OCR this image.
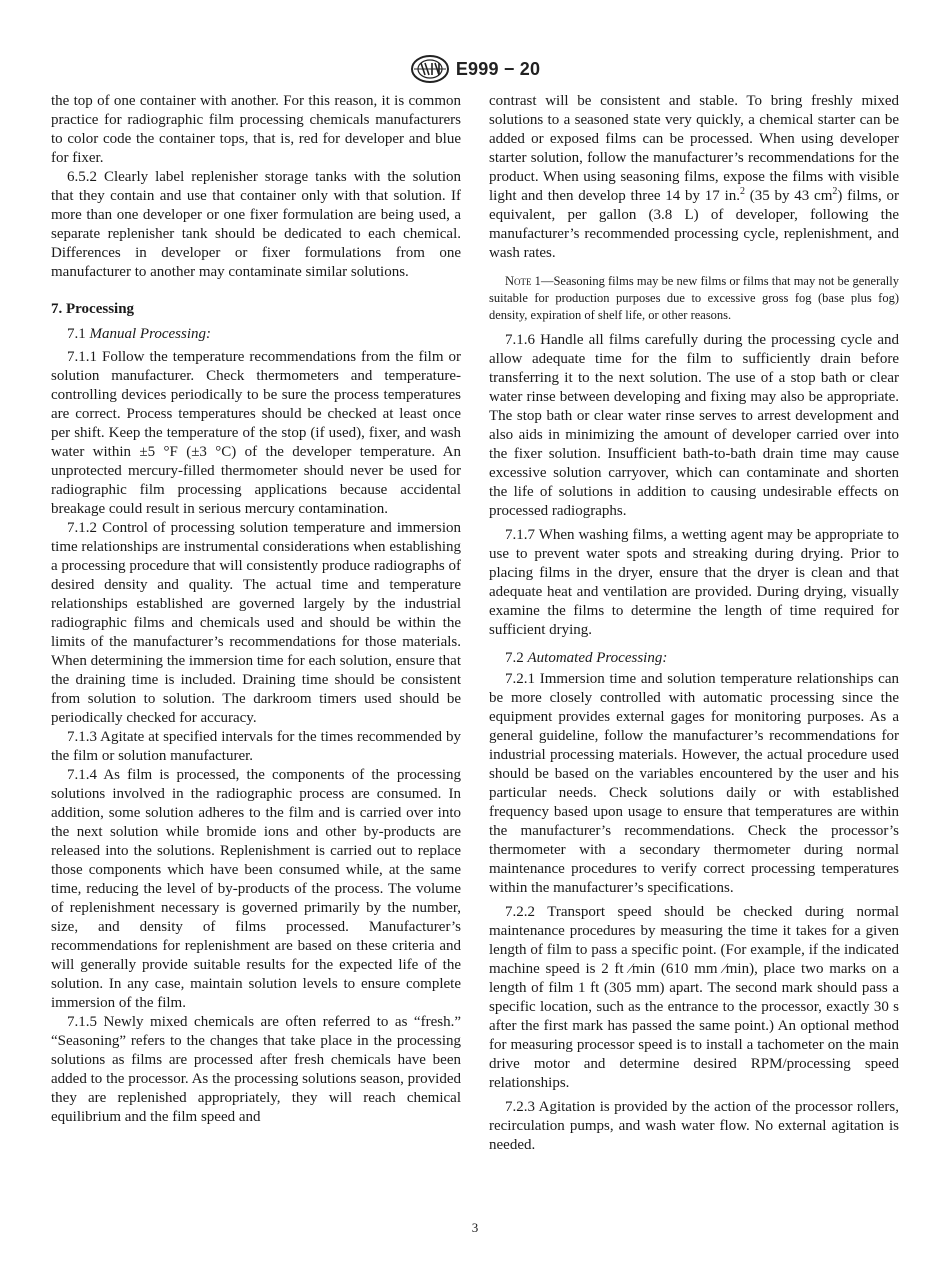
E999 − 20

the top of one container with another. For this reason, it is common practice for radiographic film processing chemicals manufacturers to color code the container tops, that is, red for developer and blue for fixer.

6.5.2 Clearly label replenisher storage tanks with the solution that they contain and use that container only with that solution. If more than one developer or one fixer formulation are being used, a separate replenisher tank should be dedicated to each chemical. Differences in developer or fixer formulations from one manufacturer to another may contaminate similar solutions.

7. Processing

7.1 Manual Processing:

7.1.1 Follow the temperature recommendations from the film or solution manufacturer. Check thermometers and temperature-controlling devices periodically to be sure the process temperatures are correct. Process temperatures should be checked at least once per shift. Keep the temperature of the stop (if used), fixer, and wash water within ±5 °F (±3 °C) of the developer temperature. An unprotected mercury-filled thermometer should never be used for radiographic film processing applications because accidental breakage could result in serious mercury contamination.

7.1.2 Control of processing solution temperature and immersion time relationships are instrumental considerations when establishing a processing procedure that will consistently produce radiographs of desired density and quality. The actual time and temperature relationships established are governed largely by the industrial radiographic films and chemicals used and should be within the limits of the manufacturer’s recommendations for those materials. When determining the immersion time for each solution, ensure that the draining time is included. Draining time should be consistent from solution to solution. The darkroom timers used should be periodically checked for accuracy.

7.1.3 Agitate at specified intervals for the times recommended by the film or solution manufacturer.

7.1.4 As film is processed, the components of the processing solutions involved in the radiographic process are consumed. In addition, some solution adheres to the film and is carried over into the next solution while bromide ions and other by-products are released into the solutions. Replenishment is carried out to replace those components which have been consumed while, at the same time, reducing the level of by-products of the process. The volume of replenishment necessary is governed primarily by the number, size, and density of films processed. Manufacturer’s recommendations for replenishment are based on these criteria and will generally provide suitable results for the expected life of the solution. In any case, maintain solution levels to ensure complete immersion of the film.

7.1.5 Newly mixed chemicals are often referred to as “fresh.” “Seasoning” refers to the changes that take place in the processing solutions as films are processed after fresh chemicals have been added to the processor. As the processing solutions season, provided they are replenished appropriately, they will reach chemical equilibrium and the film speed and

contrast will be consistent and stable. To bring freshly mixed solutions to a seasoned state very quickly, a chemical starter can be added or exposed films can be processed. When using developer starter solution, follow the manufacturer’s recommendations for the product. When using seasoning films, expose the films with visible light and then develop three 14 by 17 in.$^2$ (35 by 43 $cm^2$) films, or equivalent, per gallon (3.8 L) of developer, following the manufacturer’s recommended processing cycle, replenishment, and wash rates.

Note 1—Seasoning films may be new films or films that may not be generally suitable for production purposes due to excessive gross fog (base plus fog) density, expiration of shelf life, or other reasons.

7.1.6 Handle all films carefully during the processing cycle and allow adequate time for the film to sufficiently drain before transferring it to the next solution. The use of a stop bath or clear water rinse between developing and fixing may also be appropriate. The stop bath or clear water rinse serves to arrest development and also aids in minimizing the amount of developer carried over into the fixer solution. Insufficient bath-to-bath drain time may cause excessive solution carryover, which can contaminate and shorten the life of solutions in addition to causing undesirable effects on processed radiographs.

7.1.7 When washing films, a wetting agent may be appropriate to use to prevent water spots and streaking during drying. Prior to placing films in the dryer, ensure that the dryer is clean and that adequate heat and ventilation are provided. During drying, visually examine the films to determine the length of time required for sufficient drying.

7.2 Automated Processing:

7.2.1 Immersion time and solution temperature relationships can be more closely controlled with automatic processing since the equipment provides external gages for monitoring purposes. As a general guideline, follow the manufacturer’s recommendations for industrial processing materials. However, the actual procedure used should be based on the variables encountered by the user and his particular needs. Check solutions daily or with established frequency based upon usage to ensure that temperatures are within the manufacturer’s recommendations. Check the processor’s thermometer with a secondary thermometer during normal maintenance procedures to verify correct processing temperatures within the manufacturer’s specifications.

7.2.2 Transport speed should be checked during normal maintenance procedures by measuring the time it takes for a given length of film to pass a specific point. (For example, if the indicated machine speed is 2 ft ⁄min (610 mm ⁄min), place two marks on a length of film 1 ft (305 mm) apart. The second mark should pass a specific location, such as the entrance to the processor, exactly 30 s after the first mark has passed the same point.) An optional method for measuring processor speed is to install a tachometer on the main drive motor and determine desired RPM/processing speed relationships.

7.2.3 Agitation is provided by the action of the processor rollers, recirculation pumps, and wash water flow. No external agitation is needed.

3
